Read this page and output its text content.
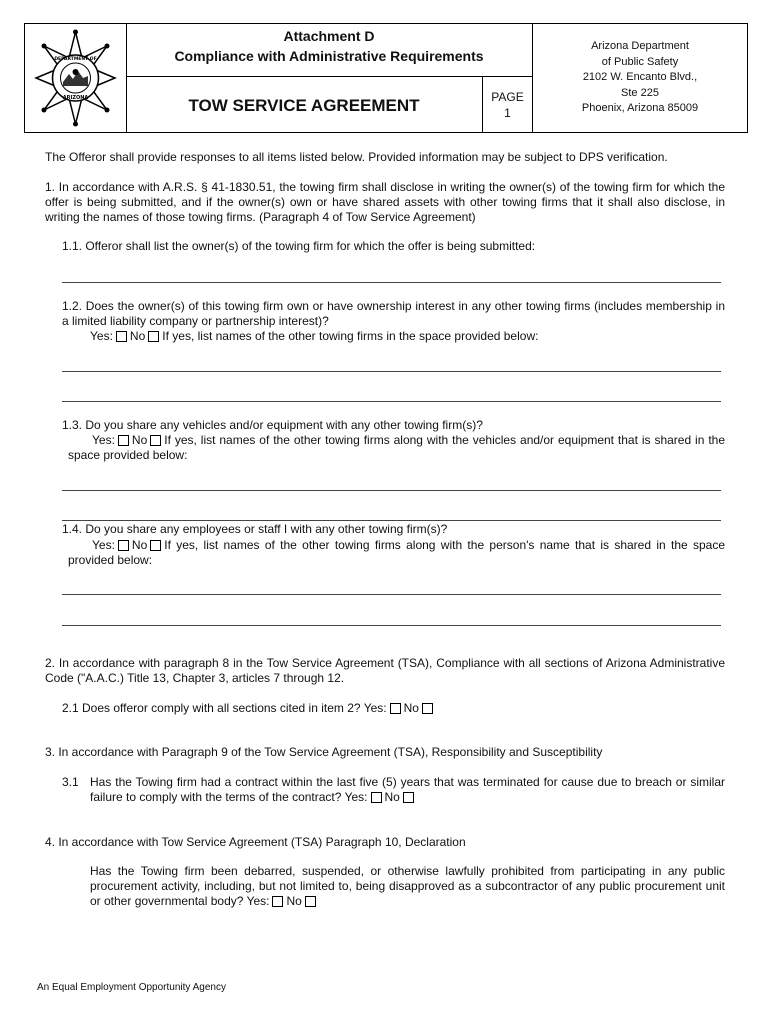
DEPARTMENT OF
ARIZONA
Attachment D
Compliance with Administrative Requirements
TOW SERVICE AGREEMENT	PAGE
1
Arizona Department
of Public Safety
2102 W. Encanto Blvd.,
Ste 225
Phoenix, Arizona 85009
The Offeror shall provide responses to all items listed below. Provided information may be subject to DPS verification.
1. In accordance with A.R.S. § 41-1830.51, the towing firm shall disclose in writing the owner(s) of the towing firm for which the offer is being submitted, and if the owner(s) own or have shared assets with other towing firms that it shall also disclose, in writing the names of those towing firms. (Paragraph 4 of Tow Service Agreement)
1.1. Offeror shall list the owner(s) of the towing firm for which the offer is being submitted:
1.2. Does the owner(s) of this towing firm own or have ownership interest in any other towing firms (includes membership in a limited liability company or partnership interest)?
Yes: No If yes, list names of the other towing firms in the space provided below:
1.3. Do you share any vehicles and/or equipment with any other towing firm(s)?
Yes: No If yes, list names of the other towing firms along with the vehicles and/or equipment that is shared in the space provided below:
1.4. Do you share any employees or staff I with any other towing firm(s)?
Yes: No If yes, list names of the other towing firms along with the person's name that is shared in the space provided below:
2. In accordance with paragraph 8 in the Tow Service Agreement (TSA), Compliance with all sections of Arizona Administrative Code ("A.A.C.) Title 13, Chapter 3, articles 7 through 12.
2.1 Does offeror comply with all sections cited in item 2? Yes: No
3. In accordance with Paragraph 9 of the Tow Service Agreement (TSA), Responsibility and Susceptibility
3.1 Has the Towing firm had a contract within the last five (5) years that was terminated for cause due to breach or similar failure to comply with the terms of the contract? Yes: No
4. In accordance with Tow Service Agreement (TSA) Paragraph 10, Declaration
Has the Towing firm been debarred, suspended, or otherwise lawfully prohibited from participating in any public procurement activity, including, but not limited to, being disapproved as a subcontractor of any public procurement unit or other governmental body? Yes: No
An Equal Employment Opportunity Agency
